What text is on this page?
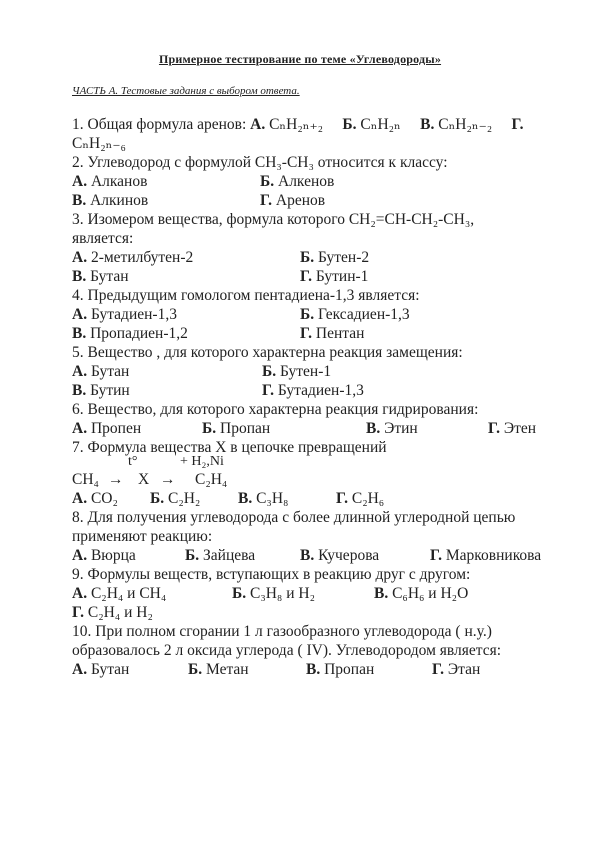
Примерное тестирование по теме «Углеводороды»
ЧАСТЬ А. Тестовые задания с выбором ответа.
1. Общая формула аренов: А. CₙH₂ₙ₊₂ Б. CₙH₂ₙ В. CₙH₂ₙ₋₂ Г.
CₙH₂ₙ₋₆
2. Углеводород с формулой CH₃-CH₃ относится к классу:
А. Алканов	Б. Алкенов
В. Алкинов	Г. Аренов
3. Изомером вещества, формула которого CH₂=CH-CH₂-CH₃,
является:
А. 2-метилбутен-2	Б. Бутен-2
В. Бутан	Г. Бутин-1
4. Предыдущим гомологом пентадиена-1,3 является:
А. Бутадиен-1,3	Б. Гексадиен-1,3
В. Пропадиен-1,2	Г. Пентан
5. Вещество , для которого характерна реакция замещения:
А. Бутан	Б. Бутен-1
В. Бутин	Г. Бутадиен-1,3
6. Вещество, для которого характерна реакция гидрирования:
А. Пропен	Б. Пропан	В. Этин	Г. Этен
7. Формула вещества X в цепочке превращений
t°	+ H₂,Ni
CH₄ → X → C₂H₄
А. CO₂ Б. C₂H₂ В. C₃H₈	Г. C₂H₆
8. Для получения углеводорода с более длинной углеродной цепью
применяют реакцию:
А. Вюрца	Б. Зайцева	В. Кучерова	Г. Марковникова
9. Формулы веществ, вступающих в реакцию друг с другом:
А. C₂H₄ и CH₄	Б. C₃H₈ и H₂	В. C₆H₆ и H₂O
Г. C₂H₄ и H₂
10. При полном сгорании 1 л газообразного углеводорода ( н.у.)
образовалось 2 л оксида углерода ( IV). Углеводородом является:
А. Бутан	Б. Метан	В. Пропан	Г. Этан
